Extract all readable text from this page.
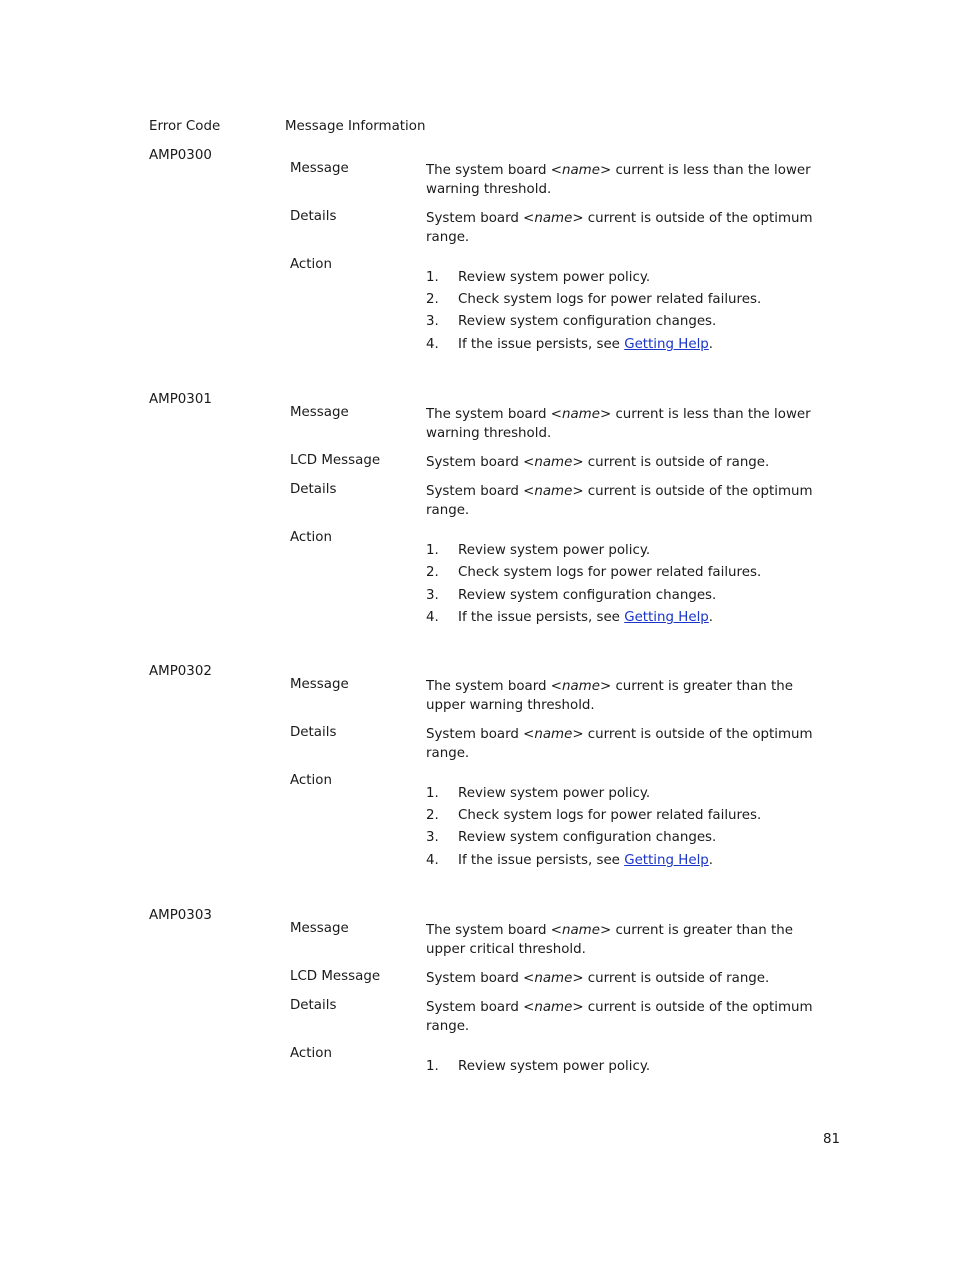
Error Code	Message Information
AMP0300
Message	The system board <name> current is less than the lower warning threshold.
Details	System board <name> current is outside of the optimum range.
Action
1. Review system power policy.
2. Check system logs for power related failures.
3. Review system configuration changes.
4. If the issue persists, see Getting Help.
AMP0301
Message	The system board <name> current is less than the lower warning threshold.
LCD Message	System board <name> current is outside of range.
Details	System board <name> current is outside of the optimum range.
Action
1. Review system power policy.
2. Check system logs for power related failures.
3. Review system configuration changes.
4. If the issue persists, see Getting Help.
AMP0302
Message	The system board <name> current is greater than the upper warning threshold.
Details	System board <name> current is outside of the optimum range.
Action
1. Review system power policy.
2. Check system logs for power related failures.
3. Review system configuration changes.
4. If the issue persists, see Getting Help.
AMP0303
Message	The system board <name> current is greater than the upper critical threshold.
LCD Message	System board <name> current is outside of range.
Details	System board <name> current is outside of the optimum range.
Action
1. Review system power policy.
81
